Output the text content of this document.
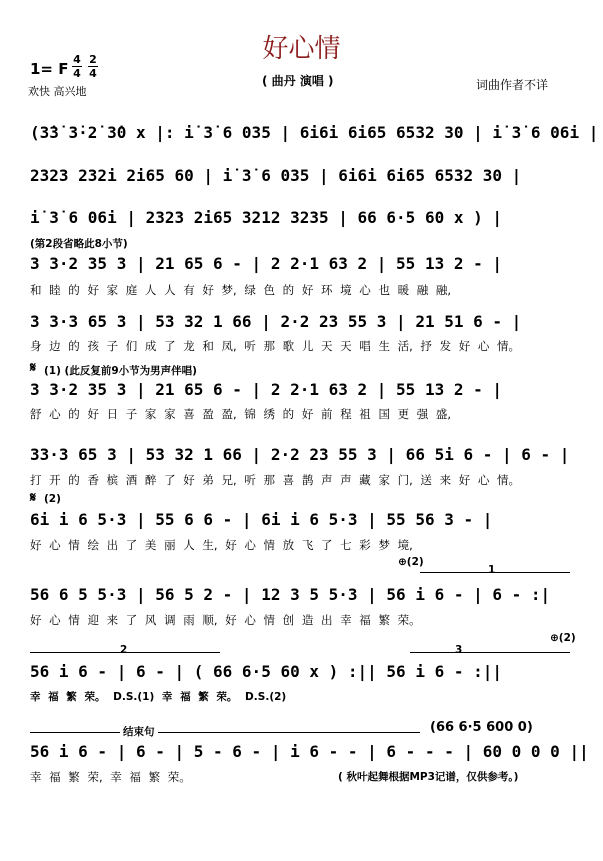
好心情
( 曲丹 演唱 )	词曲作者不详
1= F
4
4
2
4
欢快 高兴地
(3̇3̇ 3̇·2̇ 3̇0 x |: i̇ 3̇ 6 035 | 6i6i 6i65 6532 30 | i̇ 3̇ 6 06i |
2323 232i 2i65 60 | i̇ 3̇ 6 035 | 6i6i 6i65 6532 30 |
i̇ 3̇ 6 06i | 2323 2i65 3212 3235 | 66 6·5 60 x ) |
(第2段省略此8小节)
3 3·2 35 3 | 21 65 6 - | 2 2·1 63 2 | 55 13 2 - |
和 睦 的 好 家 庭 人 人 有 好 梦, 绿 色 的 好 环 境 心 也 暖 融 融,
3 3·3 65 3 | 53 32 1 66 | 2·2 23 55 3 | 21 51 6 - |
身 边 的 孩 子 们 成 了 龙 和 凤, 听 那 歌 儿 天 天 唱 生 活, 抒 发 好 心 情。
𝄋 (1) (此反复前9小节为男声伴唱)
3 3·2 35 3 | 21 65 6 - | 2 2·1 63 2 | 55 13 2 - |
舒 心 的 好 日 子 家 家 喜 盈 盈, 锦 绣 的 好 前 程 祖 国 更 强 盛,
33·3 65 3 | 53 32 1 66 | 2·2 23 55 3 | 66 5i 6 - | 6 - |
打 开 的 香 槟 酒 醉 了 好 弟 兄, 听 那 喜 鹊 声 声 藏 家 门, 送 来 好 心 情。
𝄋 (2)
6i i 6 5·3 | 55 6 6 - | 6i i 6 5·3 | 55 56 3 - |
好 心 情 绘 出 了 美 丽 人 生, 好 心 情 放 飞 了 七 彩 梦 境,
⊕(2)
1
56 6 5 5·3 | 56 5 2 - | 12 3 5 5·3 | 56 i 6 - | 6 - :|
好 心 情 迎 来 了 风 调 雨 顺, 好 心 情 创 造 出 幸 福 繁 荣。
⊕(2)
2	3
56 i 6 - | 6 - | ( 66 6·5 60 x ) :|| 56 i 6 - :||
幸 福 繁 荣。 D.S.(1) 幸 福 繁 荣。 D.S.(2)
结束句	(66 6·5 600 0)
56 i 6 - | 6 - | 5 - 6 - | i 6 - - | 6 - - - | 60 0 0 0 ||
幸 福 繁 荣, 幸 福 繁 荣。	( 秋叶起舞根据MP3记谱，仅供参考。)
